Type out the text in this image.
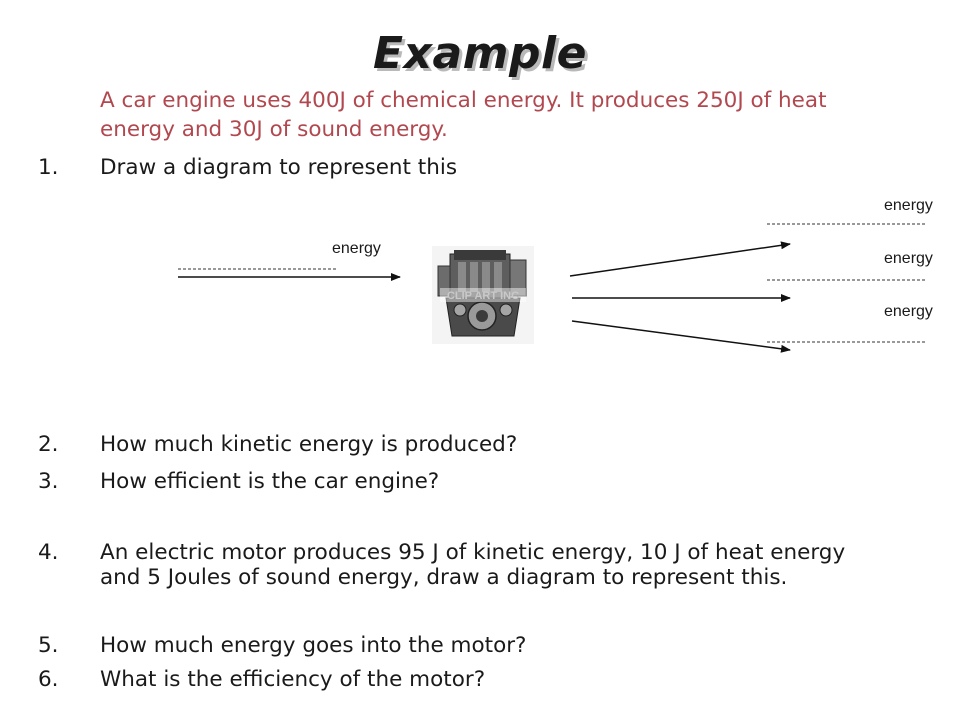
Example
A car engine uses 400J of chemical energy. It produces 250J of heat energy and 30J of sound energy.
1. Draw a diagram to represent this
energy
energy
energy
energy
CLIP ART INC
2. How much kinetic energy is produced?
3. How efficient is the car engine?
4. An electric motor produces 95 J of kinetic energy, 10 J of heat energy and 5 Joules of sound energy, draw a diagram to represent this.
5. How much energy goes into the motor?
6. What is the efficiency of the motor?
